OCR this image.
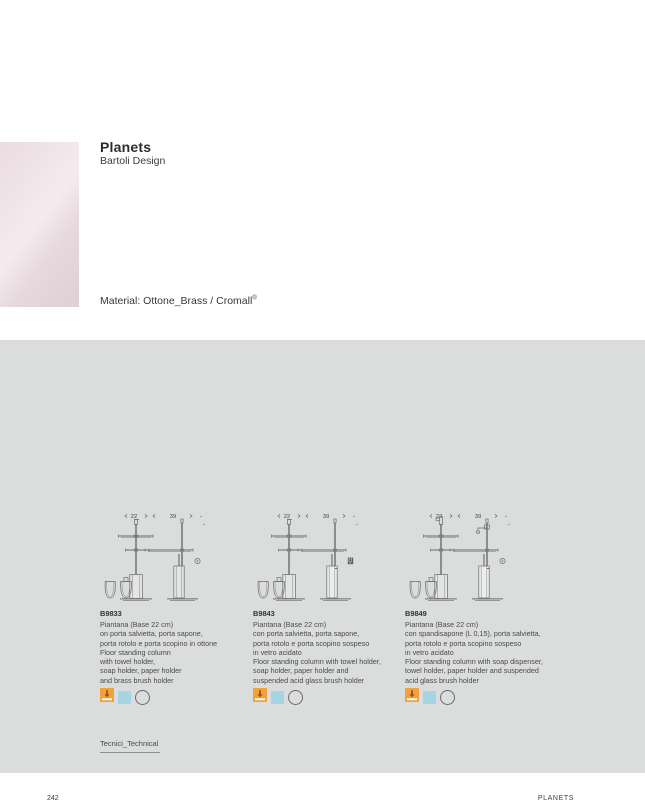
Planets
Bartoli Design
Material: Ottone_Brass / Cromall®
22	39
B9833
Piantana (Base 22 cm)
on porta salvietta, porta sapone,
porta rotolo e porta scopino in ottone
Floor standing column
with towel holder,
soap holder, paper holder
and brass brush holder
22	39
B9843
Piantana (Base 22 cm)
con porta salvietta, porta sapone,
porta rotolo e porta scopino sospeso
in vetro acidato
Floor standing column with towel holder,
soap holder, paper holder and
suspended acid glass brush holder
22	39
B9849
Piantana (Base 22 cm)
con spandisapone (L 0,15), porta salvietta,
porta rotolo e porta scopino sospeso
in vetro acidato
Floor standing column with soap dispenser,
towel holder, paper holder and suspended
acid glass brush holder
Tecnici_Technical
242	PLANETS
